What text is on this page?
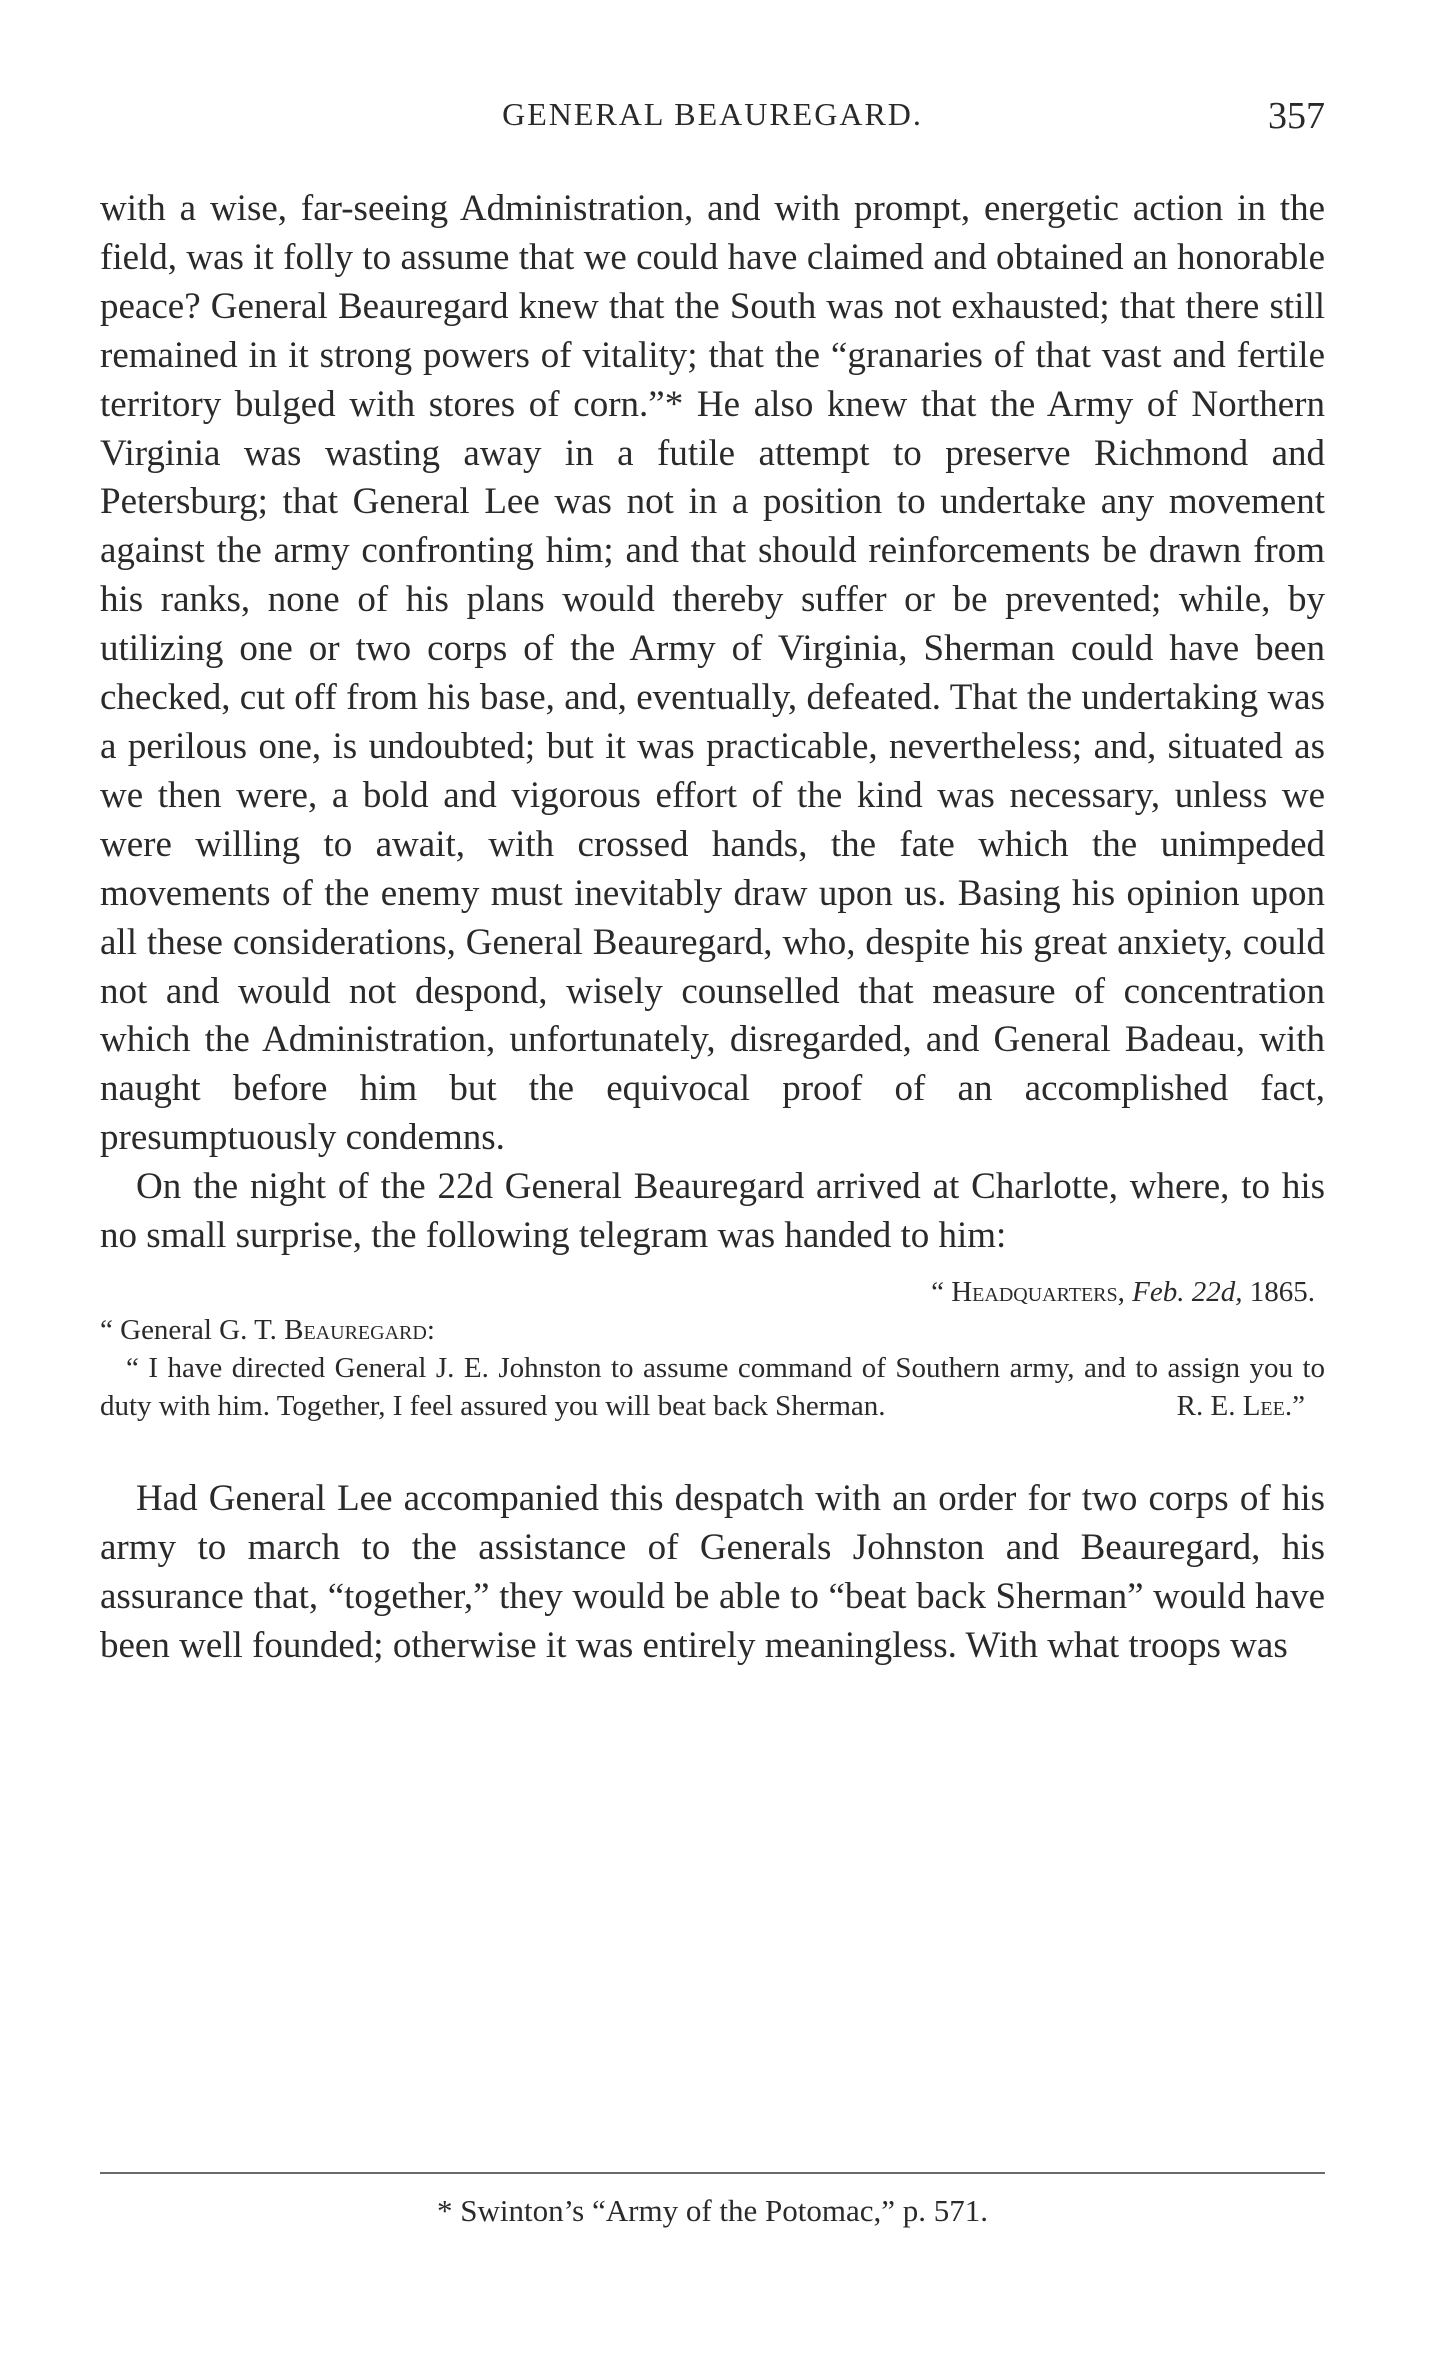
GENERAL BEAUREGARD.	357

with a wise, far-seeing Administration, and with prompt, energetic action in the field, was it folly to assume that we could have claimed and obtained an honorable peace? General Beauregard knew that the South was not exhausted; that there still remained in it strong powers of vitality; that the “granaries of that vast and fertile territory bulged with stores of corn.”* He also knew that the Army of Northern Virginia was wasting away in a futile attempt to preserve Richmond and Petersburg; that General Lee was not in a position to undertake any movement against the army confronting him; and that should reinforcements be drawn from his ranks, none of his plans would thereby suffer or be prevented; while, by utilizing one or two corps of the Army of Virginia, Sherman could have been checked, cut off from his base, and, eventually, defeated. That the undertaking was a perilous one, is undoubted; but it was practicable, nevertheless; and, situated as we then were, a bold and vigorous effort of the kind was necessary, unless we were willing to await, with crossed hands, the fate which the unimpeded movements of the enemy must inevitably draw upon us. Basing his opinion upon all these considerations, General Beauregard, who, despite his great anxiety, could not and would not despond, wisely counselled that measure of concentration which the Administration, unfortunately, disregarded, and General Badeau, with naught before him but the equivocal proof of an accomplished fact, presumptuously condemns.

On the night of the 22d General Beauregard arrived at Charlotte, where, to his no small surprise, the following telegram was handed to him:

“ Headquarters, Feb. 22d, 1865.
“ General G. T. Beauregard:

“ I have directed General J. E. Johnston to assume command of Southern army, and to assign you to duty with him. Together, I feel assured you will beat back Sherman.	R. E. Lee.”

Had General Lee accompanied this despatch with an order for two corps of his army to march to the assistance of Generals Johnston and Beauregard, his assurance that, “together,” they would be able to “beat back Sherman” would have been well founded; otherwise it was entirely meaningless. With what troops was

* Swinton’s “Army of the Potomac,” p. 571.
